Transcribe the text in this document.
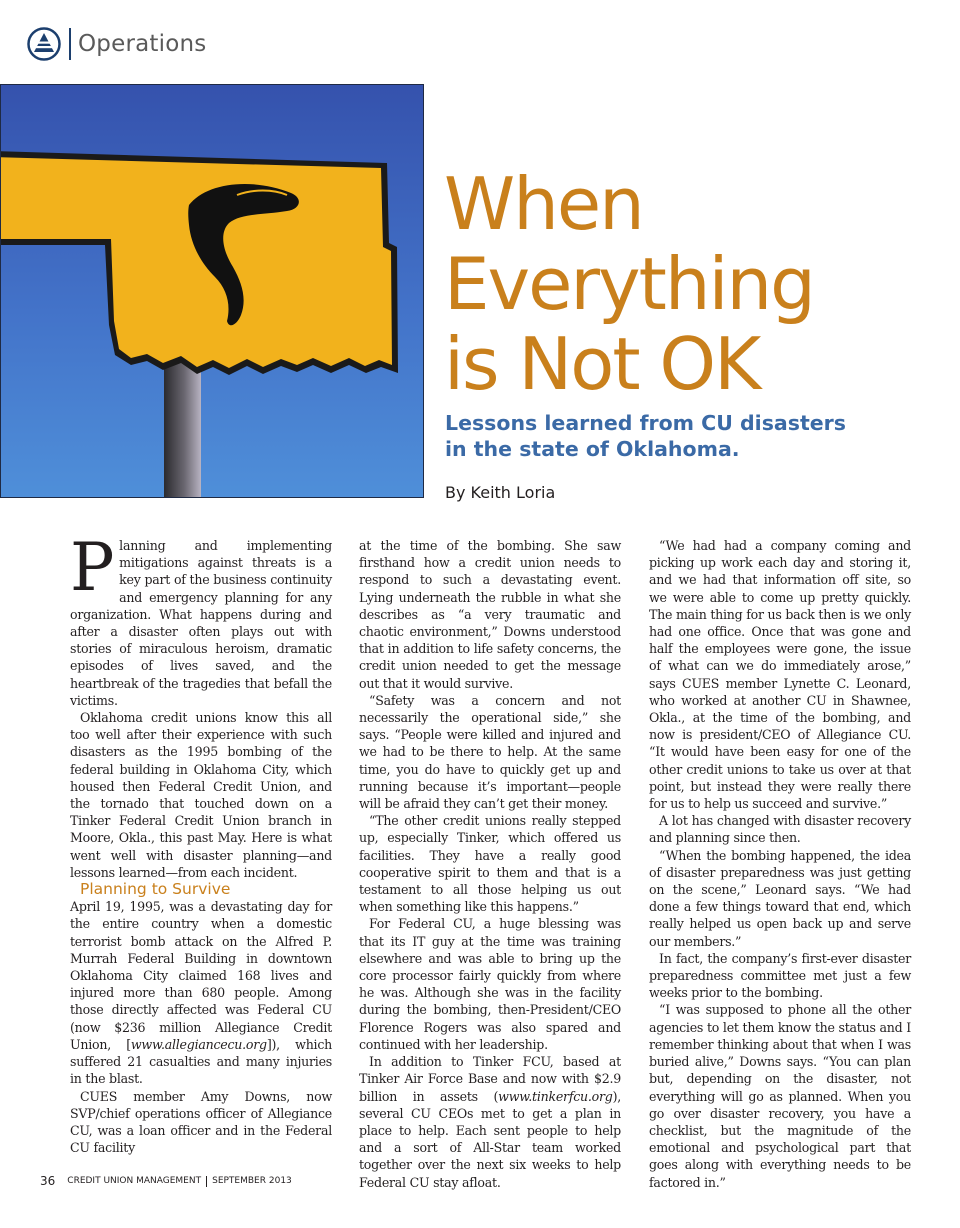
Operations
When
Everything
is Not OK
Lessons learned from CU disasters
in the state of Oklahoma.
By Keith Loria

Planning and implementing mitigations against threats is a key part of the business continuity and emergency planning for any organization. What happens during and after a disaster often plays out with stories of miraculous heroism, dramatic episodes of lives saved, and the heartbreak of the tragedies that befall the victims.

Oklahoma credit unions know this all too well after their experience with such disasters as the 1995 bombing of the federal building in Oklahoma City, which housed then Federal Credit Union, and the tornado that touched down on a Tinker Federal Credit Union branch in Moore, Okla., this past May. Here is what went well with disaster planning—and lessons learned—from each incident.

Planning to Survive

April 19, 1995, was a devastating day for the entire country when a domestic terrorist bomb attack on the Alfred P. Murrah Federal Building in downtown Oklahoma City claimed 168 lives and injured more than 680 people. Among those directly affected was Federal CU (now $236 million Allegiance Credit Union, [www.allegiancecu.org]), which suffered 21 casualties and many injuries in the blast.

CUES member Amy Downs, now SVP/chief operations officer of Allegiance CU, was a loan officer and in the Federal CU facility

at the time of the bombing. She saw firsthand how a credit union needs to respond to such a devastating event. Lying underneath the rubble in what she describes as “a very traumatic and chaotic environment,” Downs understood that in addition to life safety concerns, the credit union needed to get the message out that it would survive.

“Safety was a concern and not necessarily the operational side,” she says. “People were killed and injured and we had to be there to help. At the same time, you do have to quickly get up and running because it’s important—people will be afraid they can’t get their money.

“The other credit unions really stepped up, especially Tinker, which offered us facilities. They have a really good cooperative spirit to them and that is a testament to all those helping us out when something like this happens.”

For Federal CU, a huge blessing was that its IT guy at the time was training elsewhere and was able to bring up the core processor fairly quickly from where he was. Although she was in the facility during the bombing, then-President/CEO Florence Rogers was also spared and continued with her leadership.

In addition to Tinker FCU, based at Tinker Air Force Base and now with $2.9 billion in assets (www.tinkerfcu.org), several CU CEOs met to get a plan in place to help. Each sent people to help and a sort of All-Star team worked together over the next six weeks to help Federal CU stay afloat.

“We had had a company coming and picking up work each day and storing it, and we had that information off site, so we were able to come up pretty quickly. The main thing for us back then is we only had one office. Once that was gone and half the employees were gone, the issue of what can we do immediately arose,” says CUES member Lynette C. Leonard, who worked at another CU in Shawnee, Okla., at the time of the bombing, and now is president/CEO of Allegiance CU. “It would have been easy for one of the other credit unions to take us over at that point, but instead they were really there for us to help us succeed and survive.”

A lot has changed with disaster recovery and planning since then.

“When the bombing happened, the idea of disaster preparedness was just getting on the scene,” Leonard says. “We had done a few things toward that end, which really helped us open back up and serve our members.”

In fact, the company’s first-ever disaster preparedness committee met just a few weeks prior to the bombing.

“I was supposed to phone all the other agencies to let them know the status and I remember thinking about that when I was buried alive,” Downs says. “You can plan but, depending on the disaster, not everything will go as planned. When you go over disaster recovery, you have a checklist, but the magnitude of the emotional and psychological part that goes along with everything needs to be factored in.”

36 CREDIT UNION MANAGEMENT SEPTEMBER 2013
